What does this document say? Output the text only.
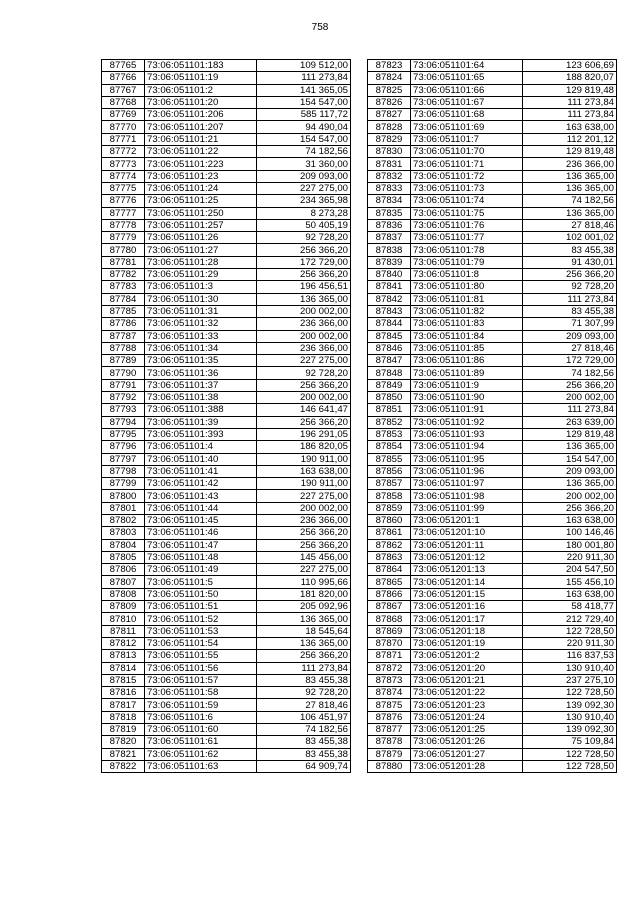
758
87765	73:06:051101:183	109 512,00
87766	73:06:051101:19	111 273,84
87767	73:06:051101:2	141 365,05
87768	73:06:051101:20	154 547,00
87769	73:06:051101:206	585 117,72
87770	73:06:051101:207	94 490,04
87771	73:06:051101:21	154 547,00
87772	73:06:051101:22	74 182,56
87773	73:06:051101:223	31 360,00
87774	73:06:051101:23	209 093,00
87775	73:06:051101:24	227 275,00
87776	73:06:051101:25	234 365,98
87777	73:06:051101:250	8 273,28
87778	73:06:051101:257	50 405,19
87779	73:06:051101:26	92 728,20
87780	73:06:051101:27	256 366,20
87781	73:06:051101:28	172 729,00
87782	73:06:051101:29	256 366,20
87783	73:06:051101:3	196 456,51
87784	73:06:051101:30	136 365,00
87785	73:06:051101:31	200 002,00
87786	73:06:051101:32	236 366,00
87787	73:06:051101:33	200 002,00
87788	73:06:051101:34	236 366,00
87789	73:06:051101:35	227 275,00
87790	73:06:051101:36	92 728,20
87791	73:06:051101:37	256 366,20
87792	73:06:051101:38	200 002,00
87793	73:06:051101:388	146 641,47
87794	73:06:051101:39	256 366,20
87795	73:06:051101:393	196 291,05
87796	73:06:051101:4	186 820,05
87797	73:06:051101:40	190 911,00
87798	73:06:051101:41	163 638,00
87799	73:06:051101:42	190 911,00
87800	73:06:051101:43	227 275,00
87801	73:06:051101:44	200 002,00
87802	73:06:051101:45	236 366,00
87803	73:06:051101:46	256 366,20
87804	73:06:051101:47	256 366,20
87805	73:06:051101:48	145 456,00
87806	73:06:051101:49	227 275,00
87807	73:06:051101:5	110 995,66
87808	73:06:051101:50	181 820,00
87809	73:06:051101:51	205 092,96
87810	73:06:051101:52	136 365,00
87811	73:06:051101:53	18 545,64
87812	73:06:051101:54	136 365,00
87813	73:06:051101:55	256 366,20
87814	73:06:051101:56	111 273,84
87815	73:06:051101:57	83 455,38
87816	73:06:051101:58	92 728,20
87817	73:06:051101:59	27 818,46
87818	73:06:051101:6	106 451,97
87819	73:06:051101:60	74 182,56
87820	73:06:051101:61	83 455,38
87821	73:06:051101:62	83 455,38
87822	73:06:051101:63	64 909,74
87823	73:06:051101:64	123 606,69
87824	73:06:051101:65	188 820,07
87825	73:06:051101:66	129 819,48
87826	73:06:051101:67	111 273,84
87827	73:06:051101:68	111 273,84
87828	73:06:051101:69	163 638,00
87829	73:06:051101:7	112 201,12
87830	73:06:051101:70	129 819,48
87831	73:06:051101:71	236 366,00
87832	73:06:051101:72	136 365,00
87833	73:06:051101:73	136 365,00
87834	73:06:051101:74	74 182,56
87835	73:06:051101:75	136 365,00
87836	73:06:051101:76	27 818,46
87837	73:06:051101:77	102 001,02
87838	73:06:051101:78	83 455,38
87839	73:06:051101:79	91 430,01
87840	73:06:051101:8	256 366,20
87841	73:06:051101:80	92 728,20
87842	73:06:051101:81	111 273,84
87843	73:06:051101:82	83 455,38
87844	73:06:051101:83	71 307,99
87845	73:06:051101:84	209 093,00
87846	73:06:051101:85	27 818,46
87847	73:06:051101:86	172 729,00
87848	73:06:051101:89	74 182,56
87849	73:06:051101:9	256 366,20
87850	73:06:051101:90	200 002,00
87851	73:06:051101:91	111 273,84
87852	73:06:051101:92	263 639,00
87853	73:06:051101:93	129 819,48
87854	73:06:051101:94	136 365,00
87855	73:06:051101:95	154 547,00
87856	73:06:051101:96	209 093,00
87857	73:06:051101:97	136 365,00
87858	73:06:051101:98	200 002,00
87859	73:06:051101:99	256 366,20
87860	73:06:051201:1	163 638,00
87861	73:06:051201:10	100 146,46
87862	73:06:051201:11	180 001,80
87863	73:06:051201:12	220 911,30
87864	73:06:051201:13	204 547,50
87865	73:06:051201:14	155 456,10
87866	73:06:051201:15	163 638,00
87867	73:06:051201:16	58 418,77
87868	73:06:051201:17	212 729,40
87869	73:06:051201:18	122 728,50
87870	73:06:051201:19	220 911,30
87871	73:06:051201:2	116 837,53
87872	73:06:051201:20	130 910,40
87873	73:06:051201:21	237 275,10
87874	73:06:051201:22	122 728,50
87875	73:06:051201:23	139 092,30
87876	73:06:051201:24	130 910,40
87877	73:06:051201:25	139 092,30
87878	73:06:051201:26	75 109,84
87879	73:06:051201:27	122 728,50
87880	73:06:051201:28	122 728,50
